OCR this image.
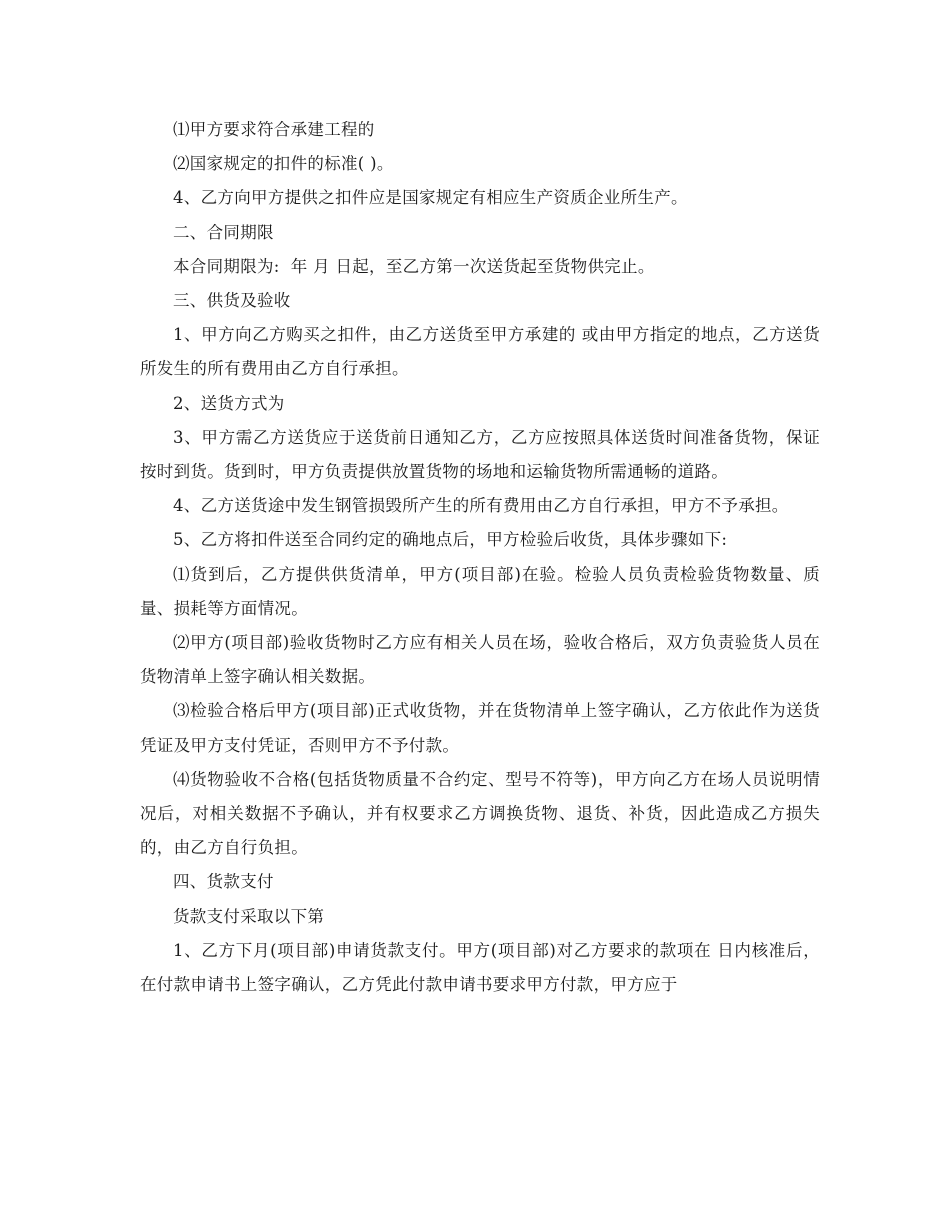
⑴甲方要求符合承建工程的

⑵国家规定的扣件的标准( )。

4、乙方向甲方提供之扣件应是国家规定有相应生产资质企业所生产。

二、合同期限

本合同期限为:  年 月 日起，至乙方第一次送货起至货物供完止。

三、供货及验收

1、甲方向乙方购买之扣件，由乙方送货至甲方承建的 或由甲方指定的地点，乙方送货所发生的所有费用由乙方自行承担。

2、送货方式为

3、甲方需乙方送货应于送货前日通知乙方，乙方应按照具体送货时间准备货物，保证按时到货。货到时，甲方负责提供放置货物的场地和运输货物所需通畅的道路。

4、乙方送货途中发生钢管损毁所产生的所有费用由乙方自行承担，甲方不予承担。

5、乙方将扣件送至合同约定的确地点后，甲方检验后收货，具体步骤如下:

⑴货到后，乙方提供供货清单，甲方(项目部)在验。检验人员负责检验货物数量、质量、损耗等方面情况。

⑵甲方(项目部)验收货物时乙方应有相关人员在场，验收合格后，双方负责验货人员在货物清单上签字确认相关数据。

⑶检验合格后甲方(项目部)正式收货物，并在货物清单上签字确认，乙方依此作为送货凭证及甲方支付凭证，否则甲方不予付款。

⑷货物验收不合格(包括货物质量不合约定、型号不符等)，甲方向乙方在场人员说明情况后，对相关数据不予确认，并有权要求乙方调换货物、退货、补货，因此造成乙方损失的，由乙方自行负担。

四、货款支付

货款支付采取以下第

1、乙方下月(项目部)申请货款支付。甲方(项目部)对乙方要求的款项在 日内核准后，在付款申请书上签字确认，乙方凭此付款申请书要求甲方付款，甲方应于
